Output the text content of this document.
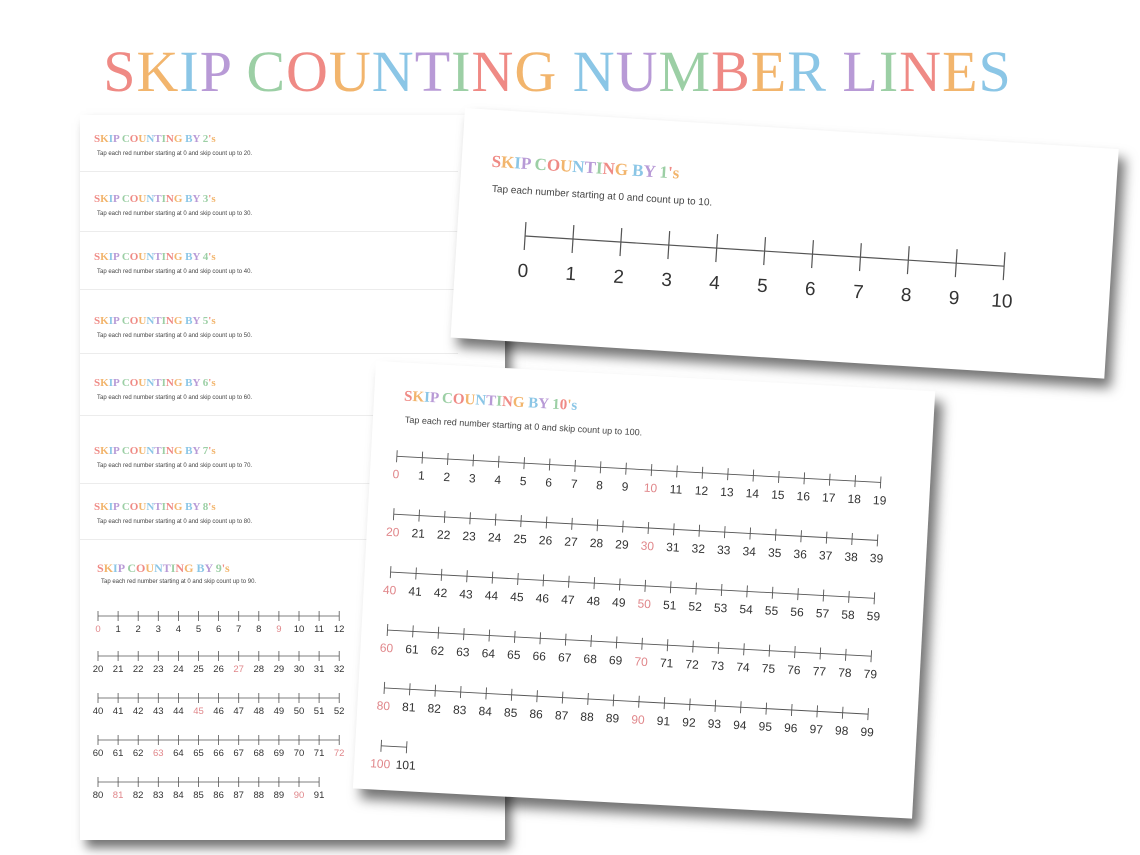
SKIP COUNTING NUMBER LINES
SKIP COUNTING BY 2's
Tap each red number starting at 0 and skip count up to 20.
SKIP COUNTING BY 3's
Tap each red number starting at 0 and skip count up to 30.
SKIP COUNTING BY 4's
Tap each red number starting at 0 and skip count up to 40.
SKIP COUNTING BY 5's
Tap each red number starting at 0 and skip count up to 50.
SKIP COUNTING BY 6's
Tap each red number starting at 0 and skip count up to 60.
SKIP COUNTING BY 7's
Tap each red number starting at 0 and skip count up to 70.
SKIP COUNTING BY 8's
Tap each red number starting at 0 and skip count up to 80.
SKIP COUNTING BY 9's
Tap each red number starting at 0 and skip count up to 90.
0 1 2 3 4 5 6 7 8 9 10 11 12
20 21 22 23 24 25 26 27 28 29 30 31 32
40 41 42 43 44 45 46 47 48 49 50 51 52
60 61 62 63 64 65 66 67 68 69 70 71 72
80 81 82 83 84 85 86 87 88 89 90 91
SKIP COUNTING BY 10's
Tap each red number starting at 0 and skip count up to 100.
0 1 2 3 4 5 6 7 8 9 10 11 12 13 14 15 16 17 18 19
20 21 22 23 24 25 26 27 28 29 30 31 32 33 34 35 36 37 38 39
40 41 42 43 44 45 46 47 48 49 50 51 52 53 54 55 56 57 58 59
60 61 62 63 64 65 66 67 68 69 70 71 72 73 74 75 76 77 78 79
80 81 82 83 84 85 86 87 88 89 90 91 92 93 94 95 96 97 98 99
100 101
SKIP COUNTING BY 1's
Tap each number starting at 0 and count up to 10.
0 1 2 3 4 5 6 7 8 9 10
